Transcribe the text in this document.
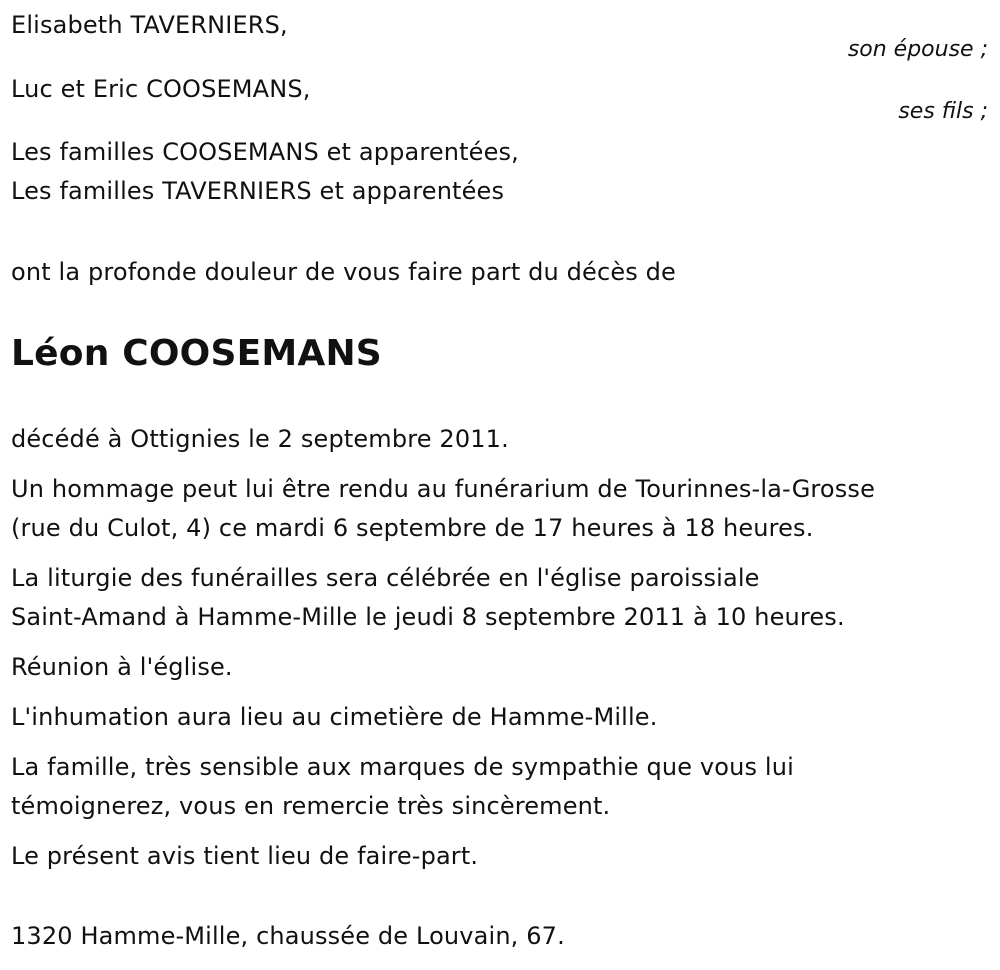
Elisabeth TAVERNIERS,
son épouse ;
Luc et Eric COOSEMANS,
ses fils ;
Les familles COOSEMANS et apparentées,
Les familles TAVERNIERS et apparentées
ont la profonde douleur de vous faire part du décès de
Léon COOSEMANS
décédé à Ottignies le 2 septembre 2011.
Un hommage peut lui être rendu au funérarium de Tourinnes-la-Grosse
(rue du Culot, 4) ce mardi 6 septembre de 17 heures à 18 heures.
La liturgie des funérailles sera célébrée en l'église paroissiale
Saint-Amand à Hamme-Mille le jeudi 8 septembre 2011 à 10 heures.
Réunion à l'église.
L'inhumation aura lieu au cimetière de Hamme-Mille.
La famille, très sensible aux marques de sympathie que vous lui
témoignerez, vous en remercie très sincèrement.
Le présent avis tient lieu de faire-part.
1320 Hamme-Mille, chaussée de Louvain, 67.
